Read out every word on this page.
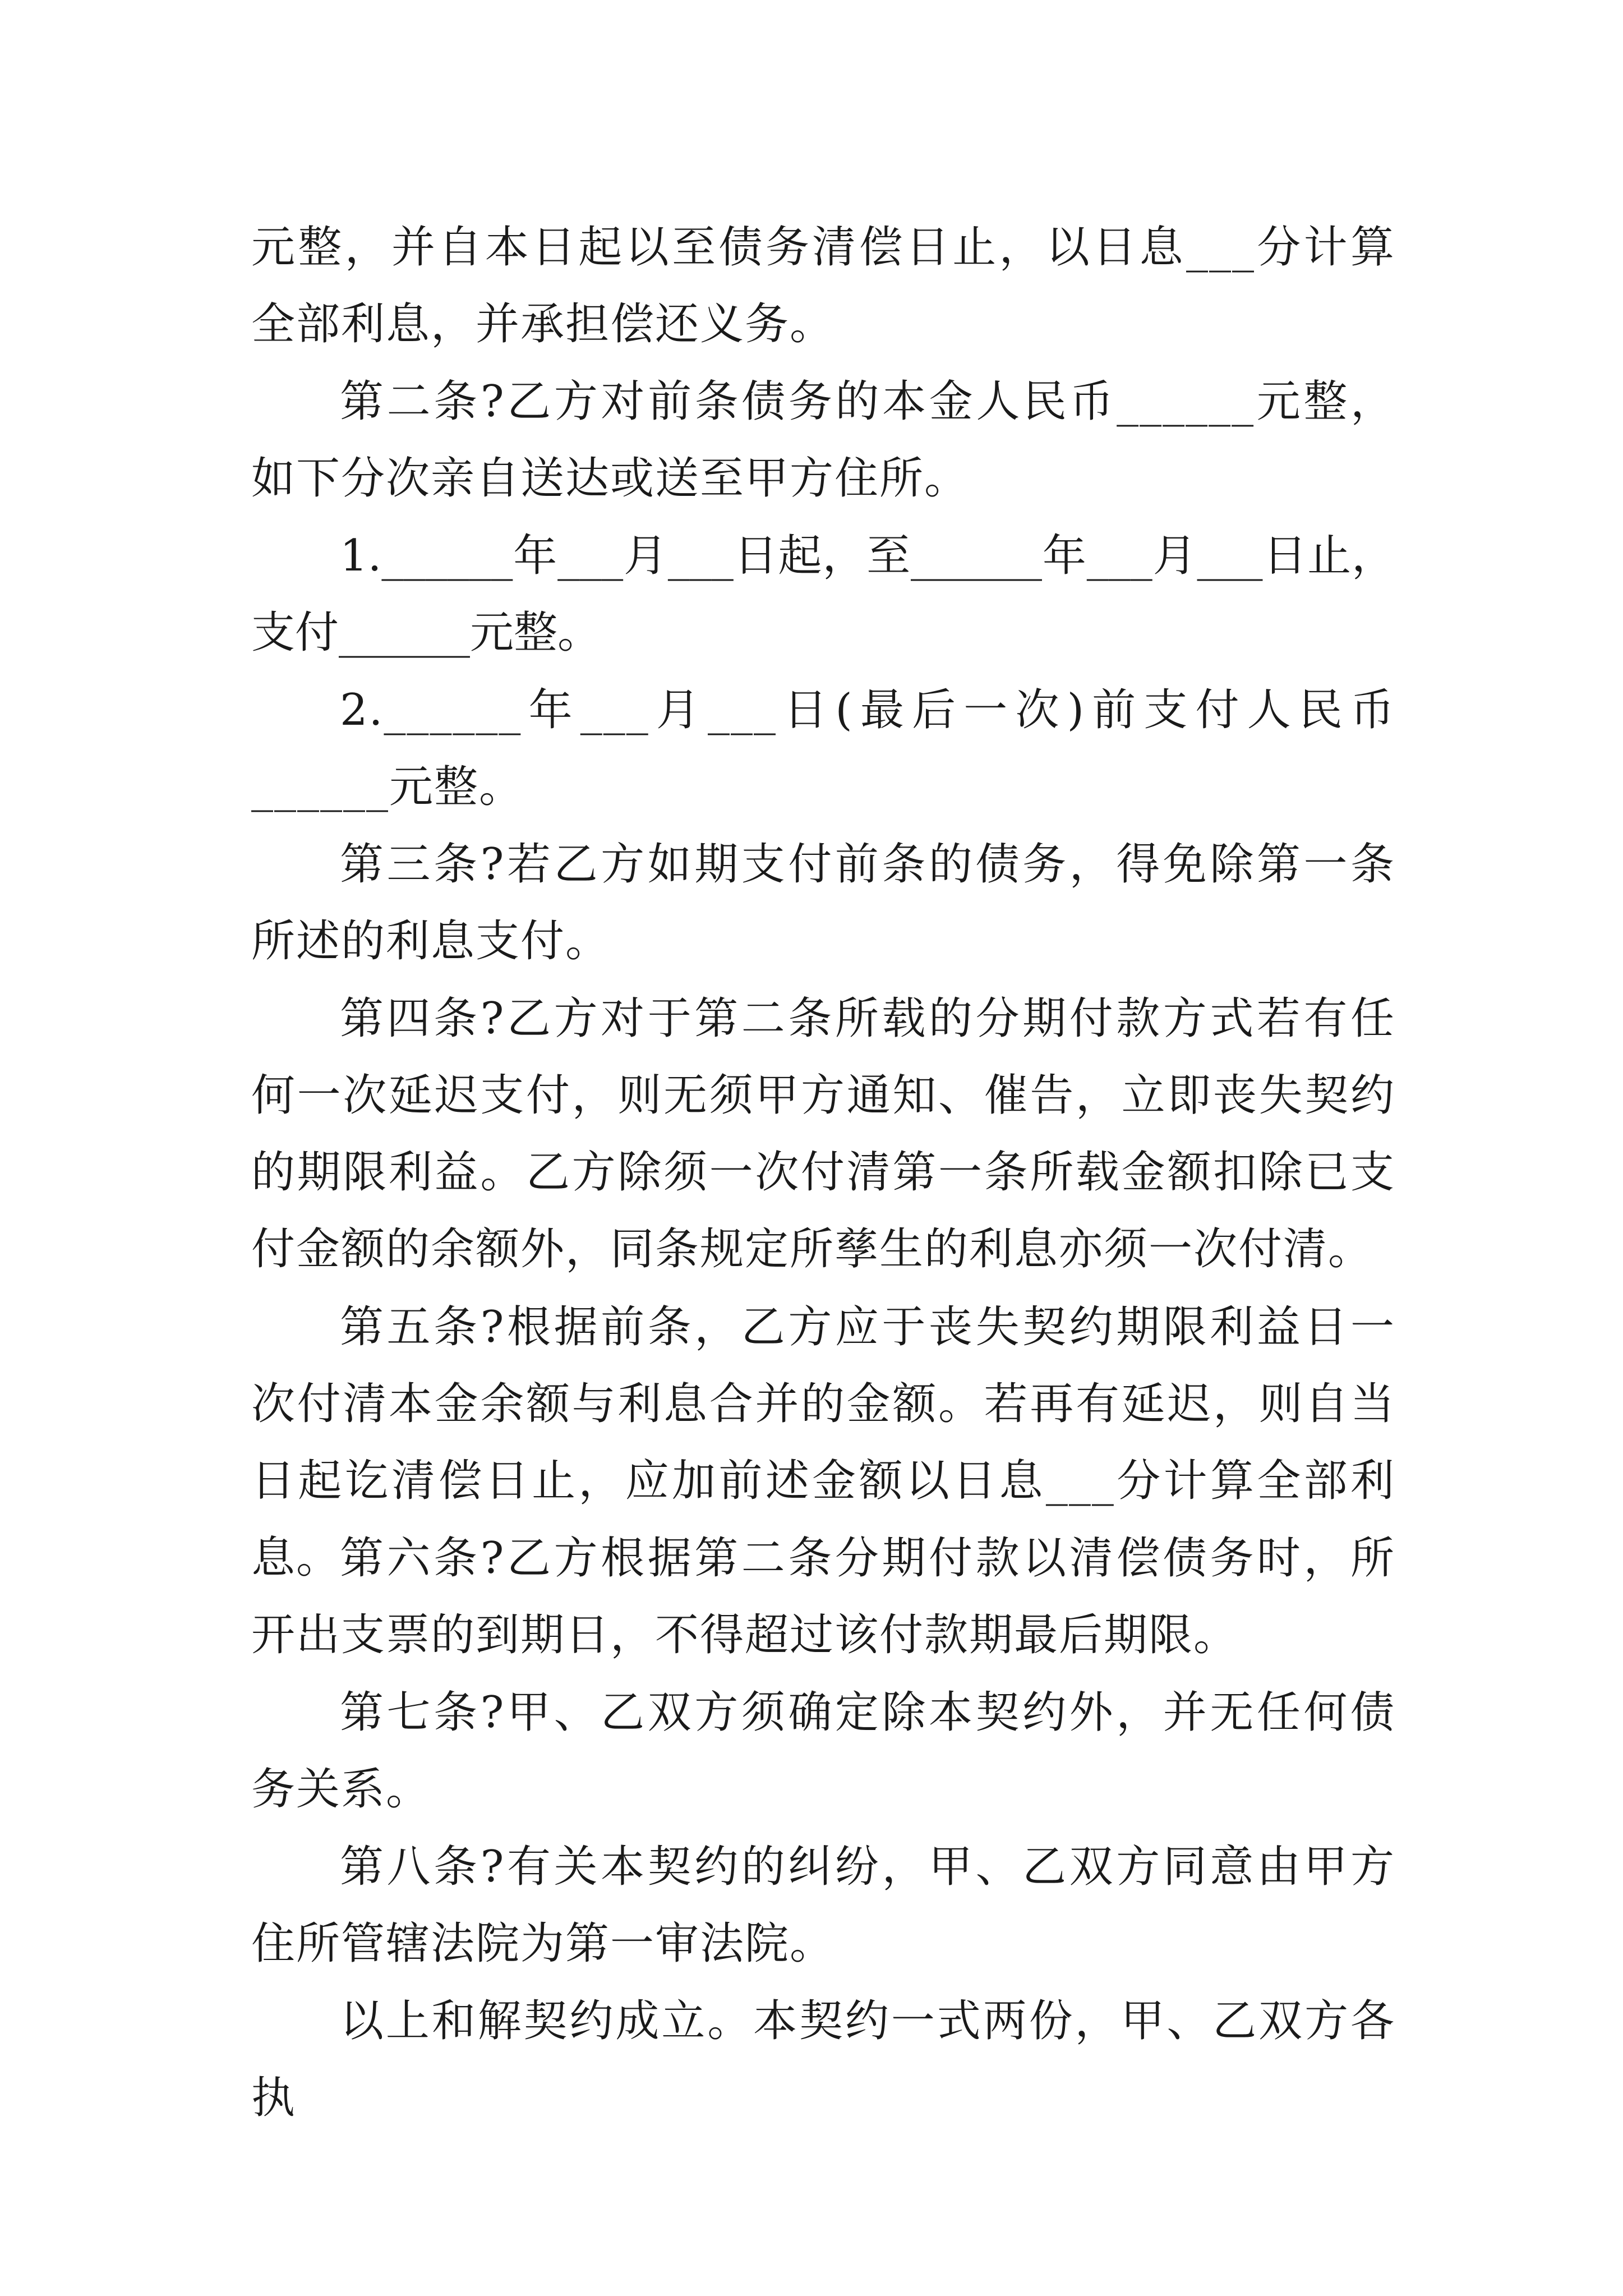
元整，并自本日起以至债务清偿日止，以日息___分计算全部利息，并承担偿还义务。

第二条?乙方对前条债务的本金人民币______元整，如下分次亲自送达或送至甲方住所。

1.______年___月___日起，至______年___月___日止，支付______元整。

2.______年___月___日(最后一次)前支付人民币______元整。

第三条?若乙方如期支付前条的债务，得免除第一条所述的利息支付。

第四条?乙方对于第二条所载的分期付款方式若有任何一次延迟支付，则无须甲方通知、催告，立即丧失契约的期限利益。乙方除须一次付清第一条所载金额扣除已支付金额的余额外，同条规定所孳生的利息亦须一次付清。

第五条?根据前条，乙方应于丧失契约期限利益日一次付清本金余额与利息合并的金额。若再有延迟，则自当日起讫清偿日止，应加前述金额以日息___分计算全部利息。

第六条?乙方根据第二条分期付款以清偿债务时，所开出支票的到期日，不得超过该付款期最后期限。

第七条?甲、乙双方须确定除本契约外，并无任何债务关系。

第八条?有关本契约的纠纷，甲、乙双方同意由甲方住所管辖法院为第一审法院。

以上和解契约成立。本契约一式两份，甲、乙双方各执
